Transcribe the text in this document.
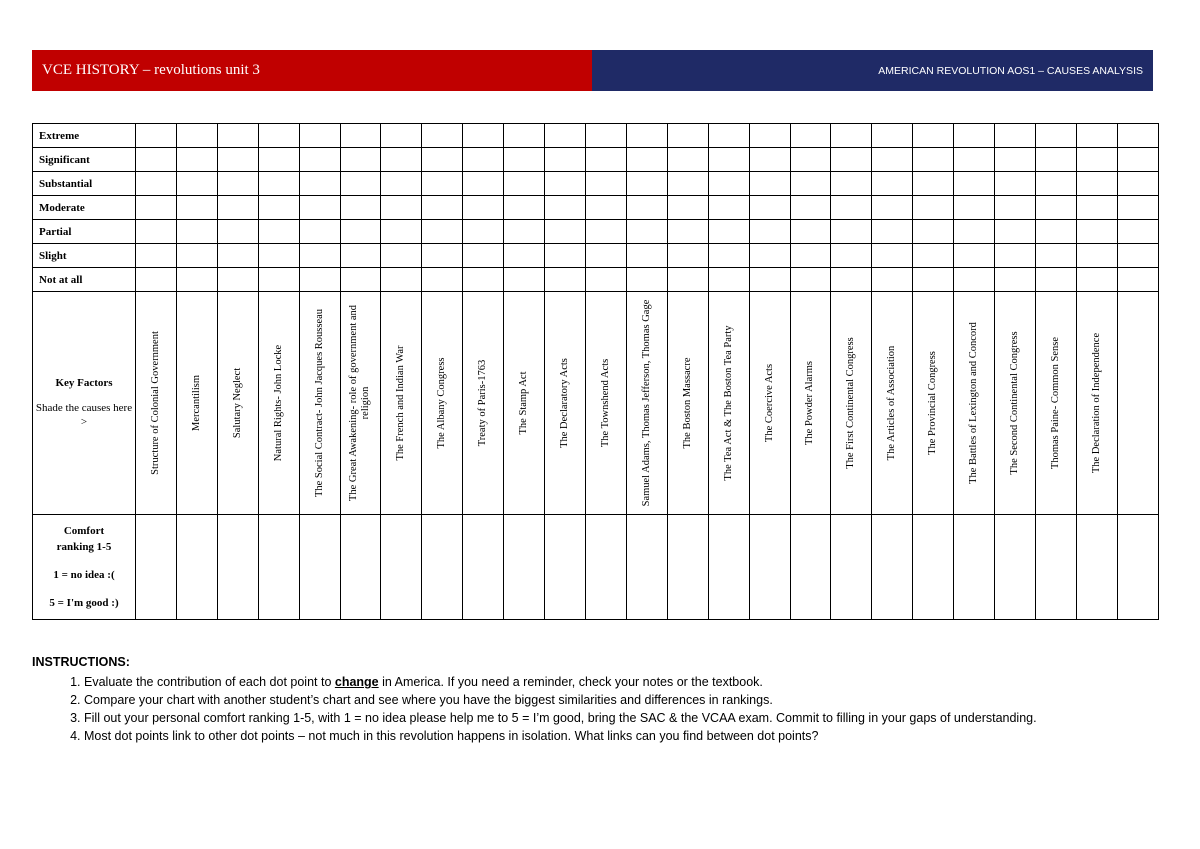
VCE HISTORY – revolutions unit 3	AMERICAN REVOLUTION AOS1 – CAUSES ANALYSIS
Extreme																									
Significant																									
Substantial																									
Moderate																									
Partial																									
Slight																									
Not at all																									

Key Factors
Shade the causes here >	Structure of Colonial Government	Mercantilism	Salutary Neglect	Natural Rights- John Locke	The Social Contract- John Jacques Rousseau	The Great Awakening- role of government and religion	The French and Indian War	The Albany Congress	Treaty of Paris-1763	The Stamp Act	The Declaratory Acts	The Townshend Acts	Samuel Adams, Thomas Jefferson, Thomas Gage	The Boston Massacre	The Tea Act & The Boston Tea Party	The Coercive Acts	The Powder Alarms	The First Continental Congress	The Articles of Association	The Provincial Congress	The Battles of Lexington and Concord	The Second Continental Congress	Thomas Paine- Common Sense	The Declaration of Independence	

Comfort
ranking 1-5
1 = no idea :(
5 = I'm good :)																									

INSTRUCTIONS:
1. Evaluate the contribution of each dot point to change in America. If you need a reminder, check your notes or the textbook.
2. Compare your chart with another student’s chart and see where you have the biggest similarities and differences in rankings.
3. Fill out your personal comfort ranking 1-5, with 1 = no idea please help me to 5 = I’m good, bring the SAC & the VCAA exam. Commit to filling in your gaps of understanding.
4. Most dot points link to other dot points – not much in this revolution happens in isolation. What links can you find between dot points?
